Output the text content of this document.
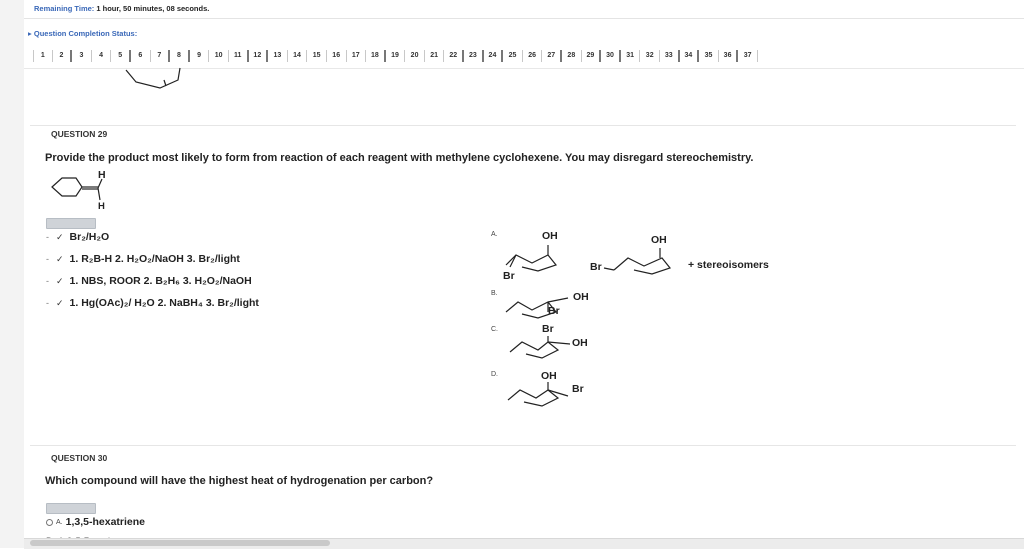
Remaining Time: 1 hour, 50 minutes, 08 seconds.
▸ Question Completion Status:
1	2	3	4	5	6	7	8	9	10	11	12	13	14	15	16	17	18	19	20	21	22	23	24	25	26	27	28	29	30	31	32	33	34	35	36	37
QUESTION 29
Provide the product most likely to form from reaction of each reagent with methylene cyclohexene. You may disregard stereochemistry.
H
H
- ✓ Br₂/H₂O
- ✓ 1. R₂B-H 2. H₂O₂/NaOH 3. Br₂/light
- ✓ 1. NBS, ROOR 2. B₂H₆ 3. H₂O₂/NaOH
- ✓ 1. Hg(OAc)₂/ H₂O 2. NaBH₄ 3. Br₂/light
A.	OH
Br
Br
OH
+ stereoisomers
B.	OH
Br
C.	Br
OH
D.	OH
Br
QUESTION 30
Which compound will have the highest heat of hydrogenation per carbon?
A. 1,3,5-hexatriene
